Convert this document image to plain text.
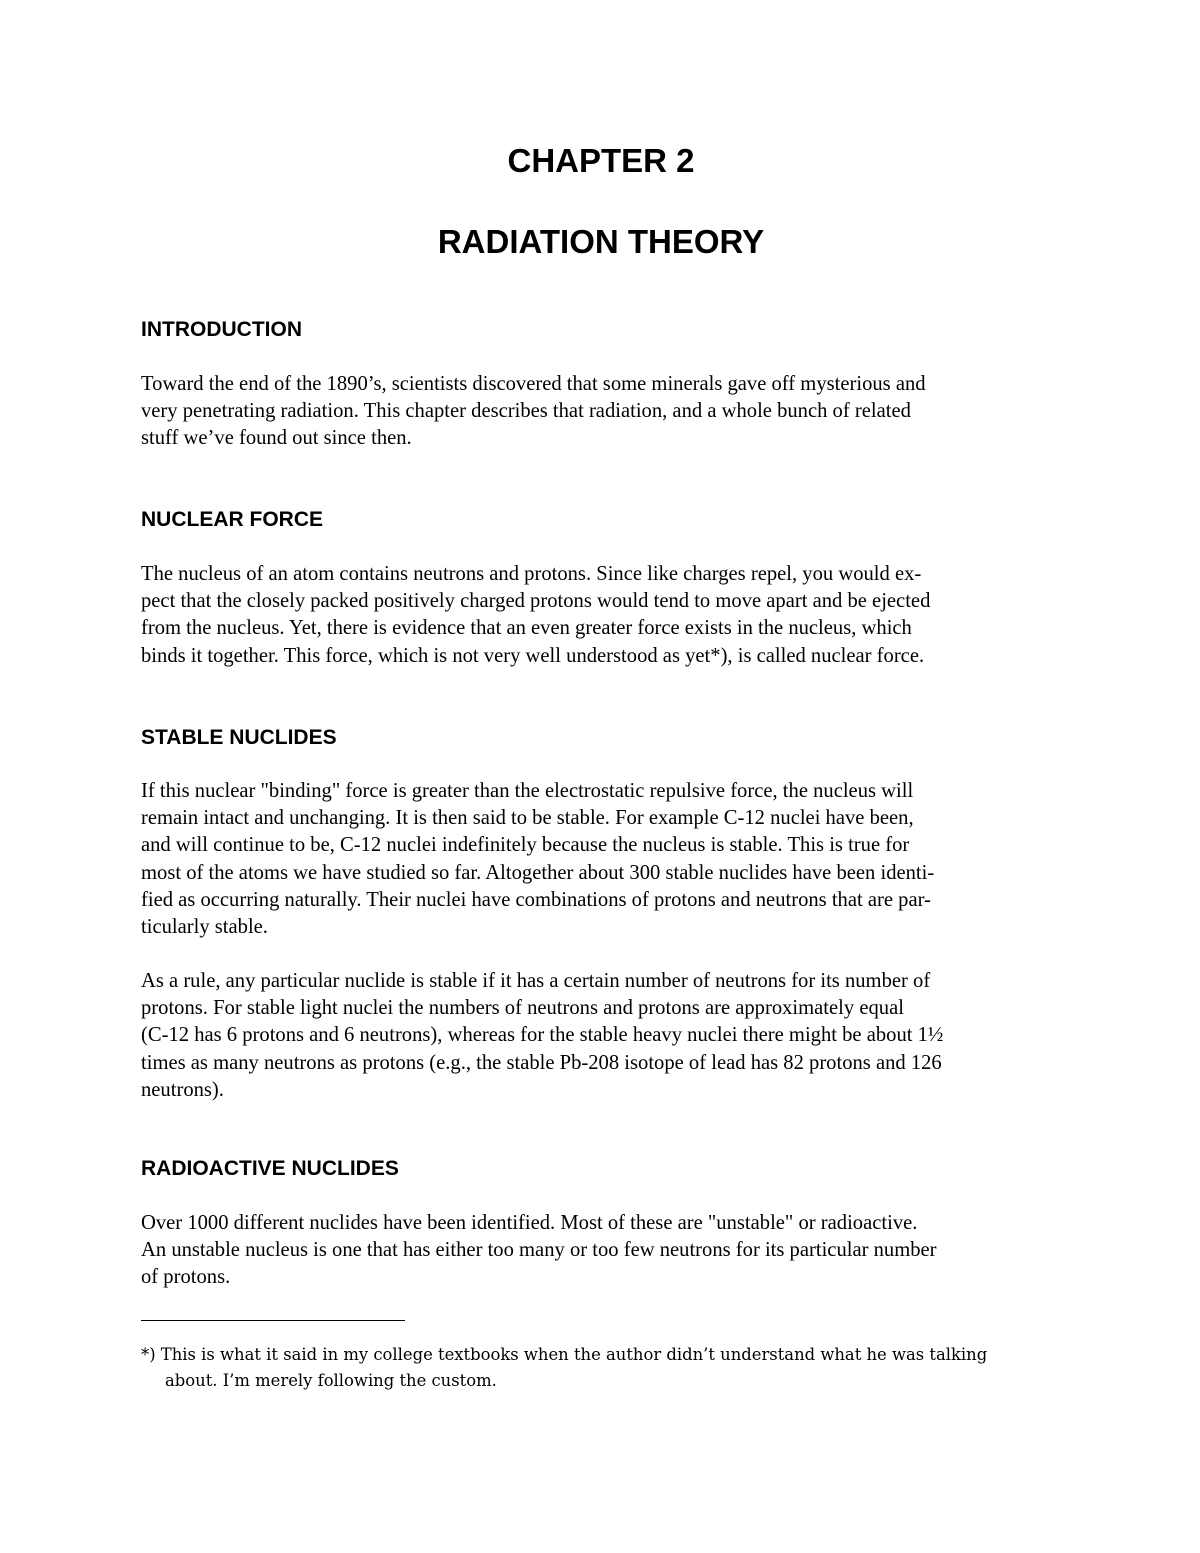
CHAPTER 2
RADIATION THEORY
INTRODUCTION

Toward the end of the 1890’s, scientists discovered that some minerals gave off mysterious and
very penetrating radiation. This chapter describes that radiation, and a whole bunch of related
stuff we’ve found out since then.

NUCLEAR FORCE

The nucleus of an atom contains neutrons and protons. Since like charges repel, you would ex-
pect that the closely packed positively charged protons would tend to move apart and be ejected
from the nucleus. Yet, there is evidence that an even greater force exists in the nucleus, which
binds it together. This force, which is not very well understood as yet*), is called nuclear force.

STABLE NUCLIDES

If this nuclear "binding" force is greater than the electrostatic repulsive force, the nucleus will
remain intact and unchanging. It is then said to be stable. For example C-12 nuclei have been,
and will continue to be, C-12 nuclei indefinitely because the nucleus is stable. This is true for
most of the atoms we have studied so far. Altogether about 300 stable nuclides have been identi-
fied as occurring naturally. Their nuclei have combinations of protons and neutrons that are par-
ticularly stable.

As a rule, any particular nuclide is stable if it has a certain number of neutrons for its number of
protons. For stable light nuclei the numbers of neutrons and protons are approximately equal
(C-12 has 6 protons and 6 neutrons), whereas for the stable heavy nuclei there might be about 1½
times as many neutrons as protons (e.g., the stable Pb-208 isotope of lead has 82 protons and 126
neutrons).

RADIOACTIVE NUCLIDES

Over 1000 different nuclides have been identified. Most of these are "unstable" or radioactive.
An unstable nucleus is one that has either too many or too few neutrons for its particular number
of protons.

*) This is what it said in my college textbooks when the author didn’t understand what he was talking
about. I’m merely following the custom.
